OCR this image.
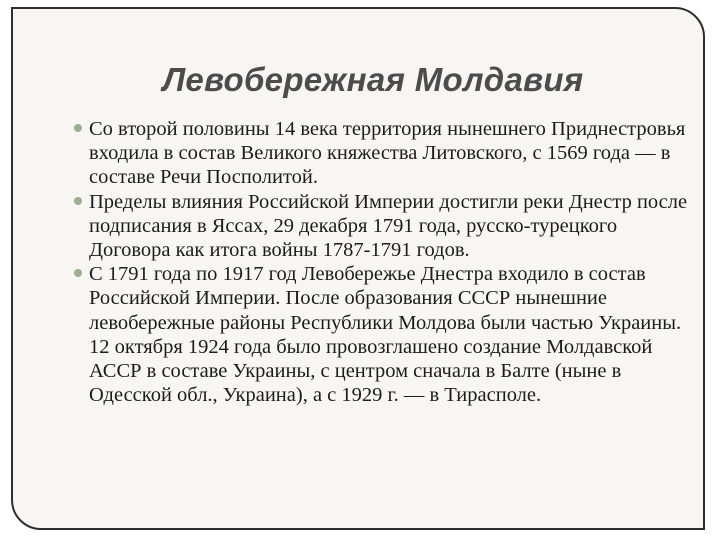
Левобережная Молдавия
Со второй половины 14 века территория нынешнего Приднестровья входила в состав Великого княжества Литовского, с 1569 года — в составе Речи Посполитой.
Пределы влияния Российской Империи достигли реки Днестр после подписания в Яссах, 29 декабря 1791 года, русско-турецкого Договора как итога войны 1787-1791 годов.
С 1791 года по 1917 год Левобережье Днестра входило в состав Российской Империи. После образования СССР нынешние левобережные районы Республики Молдова были частью Украины. 12 октября 1924 года было провозглашено создание Молдавской АССР в составе Украины, с центром сначала в Балте (ныне в Одесской обл., Украина), а с 1929 г. — в Тирасполе.
